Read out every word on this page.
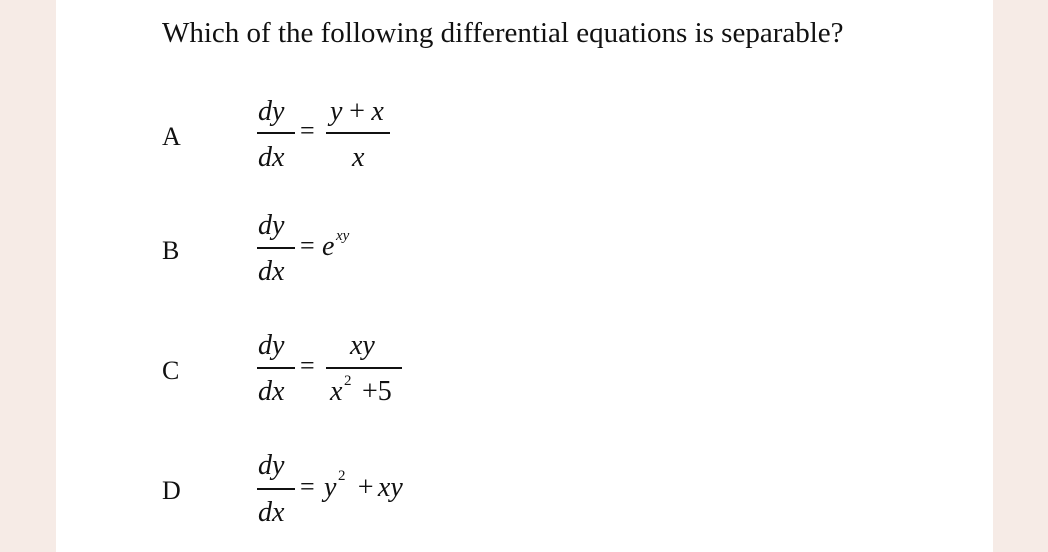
Which of the following differential equations is separable?
A
dy
dx
=
y + x
x
B
dy
dx
= e xy
C
dy
dx
=
xy
x 2 +5
D
dy
dx
= y 2 + xy
